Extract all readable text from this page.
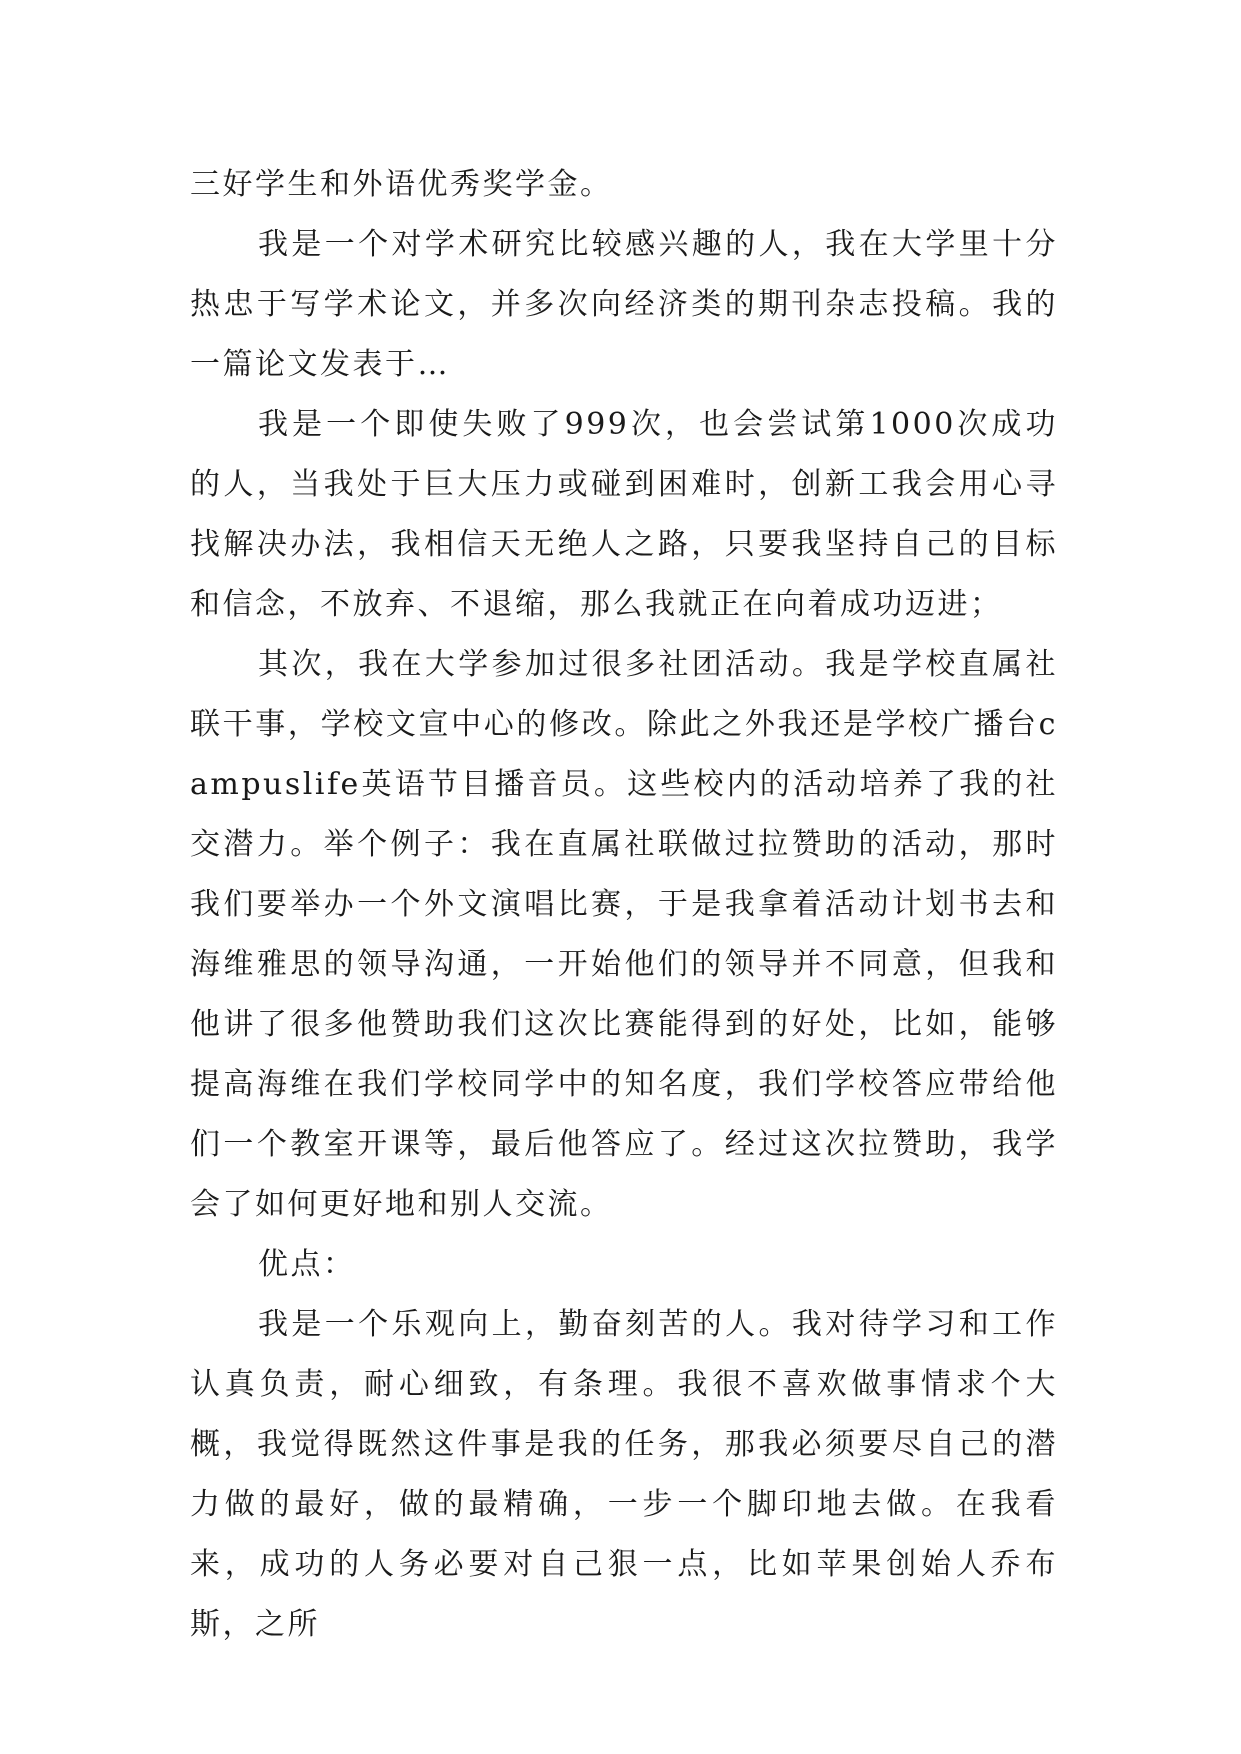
三好学生和外语优秀奖学金。

我是一个对学术研究比较感兴趣的人，我在大学里十分热忠于写学术论文，并多次向经济类的期刊杂志投稿。我的一篇论文发表于…

我是一个即使失败了999次，也会尝试第1000次成功的人，当我处于巨大压力或碰到困难时，创新工我会用心寻找解决办法，我相信天无绝人之路，只要我坚持自己的目标和信念，不放弃、不退缩，那么我就正在向着成功迈进；

其次，我在大学参加过很多社团活动。我是学校直属社联干事，学校文宣中心的修改。除此之外我还是学校广播台campuslife英语节目播音员。这些校内的活动培养了我的社交潜力。举个例子：我在直属社联做过拉赞助的活动，那时我们要举办一个外文演唱比赛，于是我拿着活动计划书去和海维雅思的领导沟通，一开始他们的领导并不同意，但我和他讲了很多他赞助我们这次比赛能得到的好处，比如，能够提高海维在我们学校同学中的知名度，我们学校答应带给他们一个教室开课等，最后他答应了。经过这次拉赞助，我学会了如何更好地和别人交流。

优点：

我是一个乐观向上，勤奋刻苦的人。我对待学习和工作认真负责，耐心细致，有条理。我很不喜欢做事情求个大概，我觉得既然这件事是我的任务，那我必须要尽自己的潜力做的最好，做的最精确，一步一个脚印地去做。在我看来，成功的人务必要对自己狠一点，比如苹果创始人乔布斯，之所
